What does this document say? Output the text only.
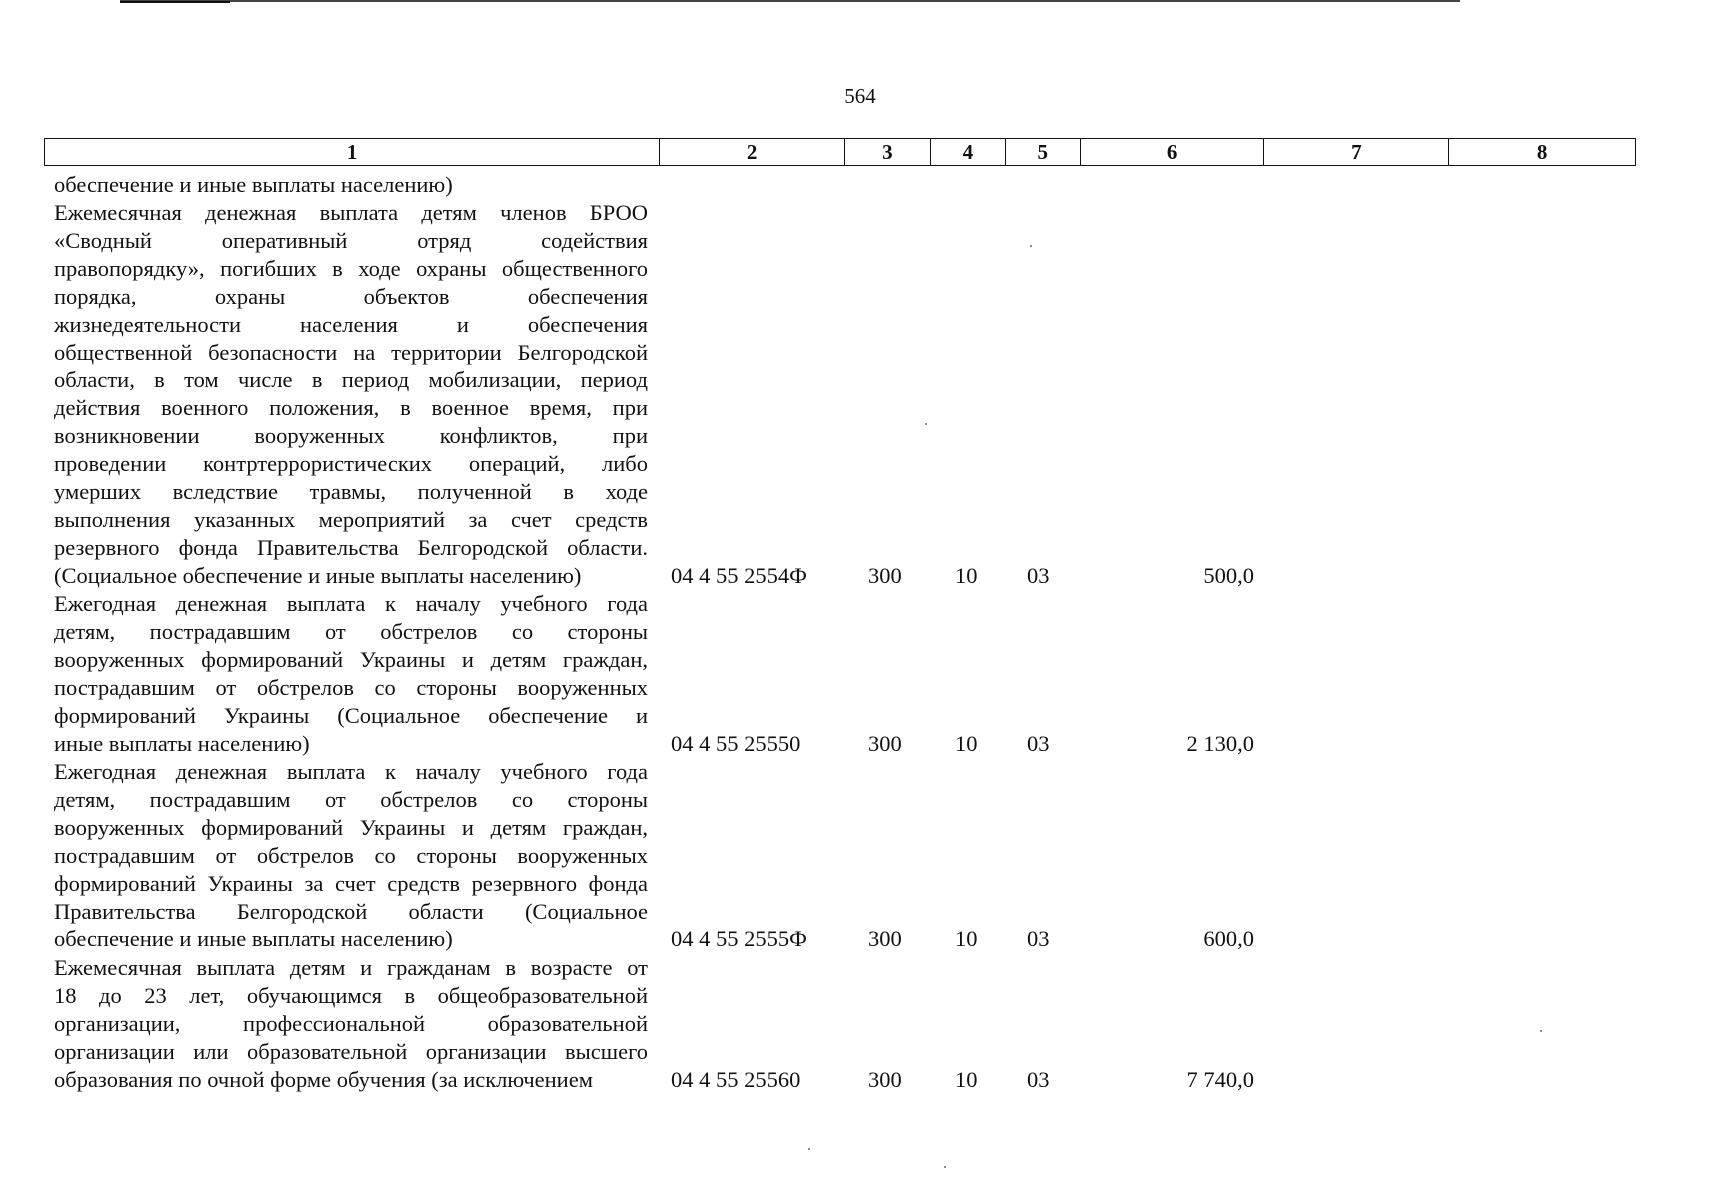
564
1	2	3	4	5	6	7	8
обеспечение и иные выплаты населению)
Ежемесячная денежная выплата детям членов БРОО
«Сводный оперативный отряд содействия
правопорядку», погибших в ходе охраны общественного
порядка, охраны объектов обеспечения
жизнедеятельности населения и обеспечения
общественной безопасности на территории Белгородской
области, в том числе в период мобилизации, период
действия военного положения, в военное время, при
возникновении вооруженных конфликтов, при
проведении контртеррористических операций, либо
умерших вследствие травмы, полученной в ходе
выполнения указанных мероприятий за счет средств
резервного фонда Правительства Белгородской области.
(Социальное обеспечение и иные выплаты населению)	04 4 55 2554Ф	300 10 03	500,0
Ежегодная денежная выплата к началу учебного года
детям, пострадавшим от обстрелов со стороны
вооруженных формирований Украины и детям граждан,
пострадавшим от обстрелов со стороны вооруженных
формирований Украины (Социальное обеспечение и
иные выплаты населению)	04 4 55 25550	300 10 03	2 130,0
Ежегодная денежная выплата к началу учебного года
детям, пострадавшим от обстрелов со стороны
вооруженных формирований Украины и детям граждан,
пострадавшим от обстрелов со стороны вооруженных
формирований Украины за счет средств резервного фонда
Правительства Белгородской области (Социальное
обеспечение и иные выплаты населению)	04 4 55 2555Ф	300 10 03	600,0
Ежемесячная выплата детям и гражданам в возрасте от
18 до 23 лет, обучающимся в общеобразовательной
организации, профессиональной образовательной
организации или образовательной организации высшего
образования по очной форме обучения (за исключением	04 4 55 25560	300 10 03	7 740,0
